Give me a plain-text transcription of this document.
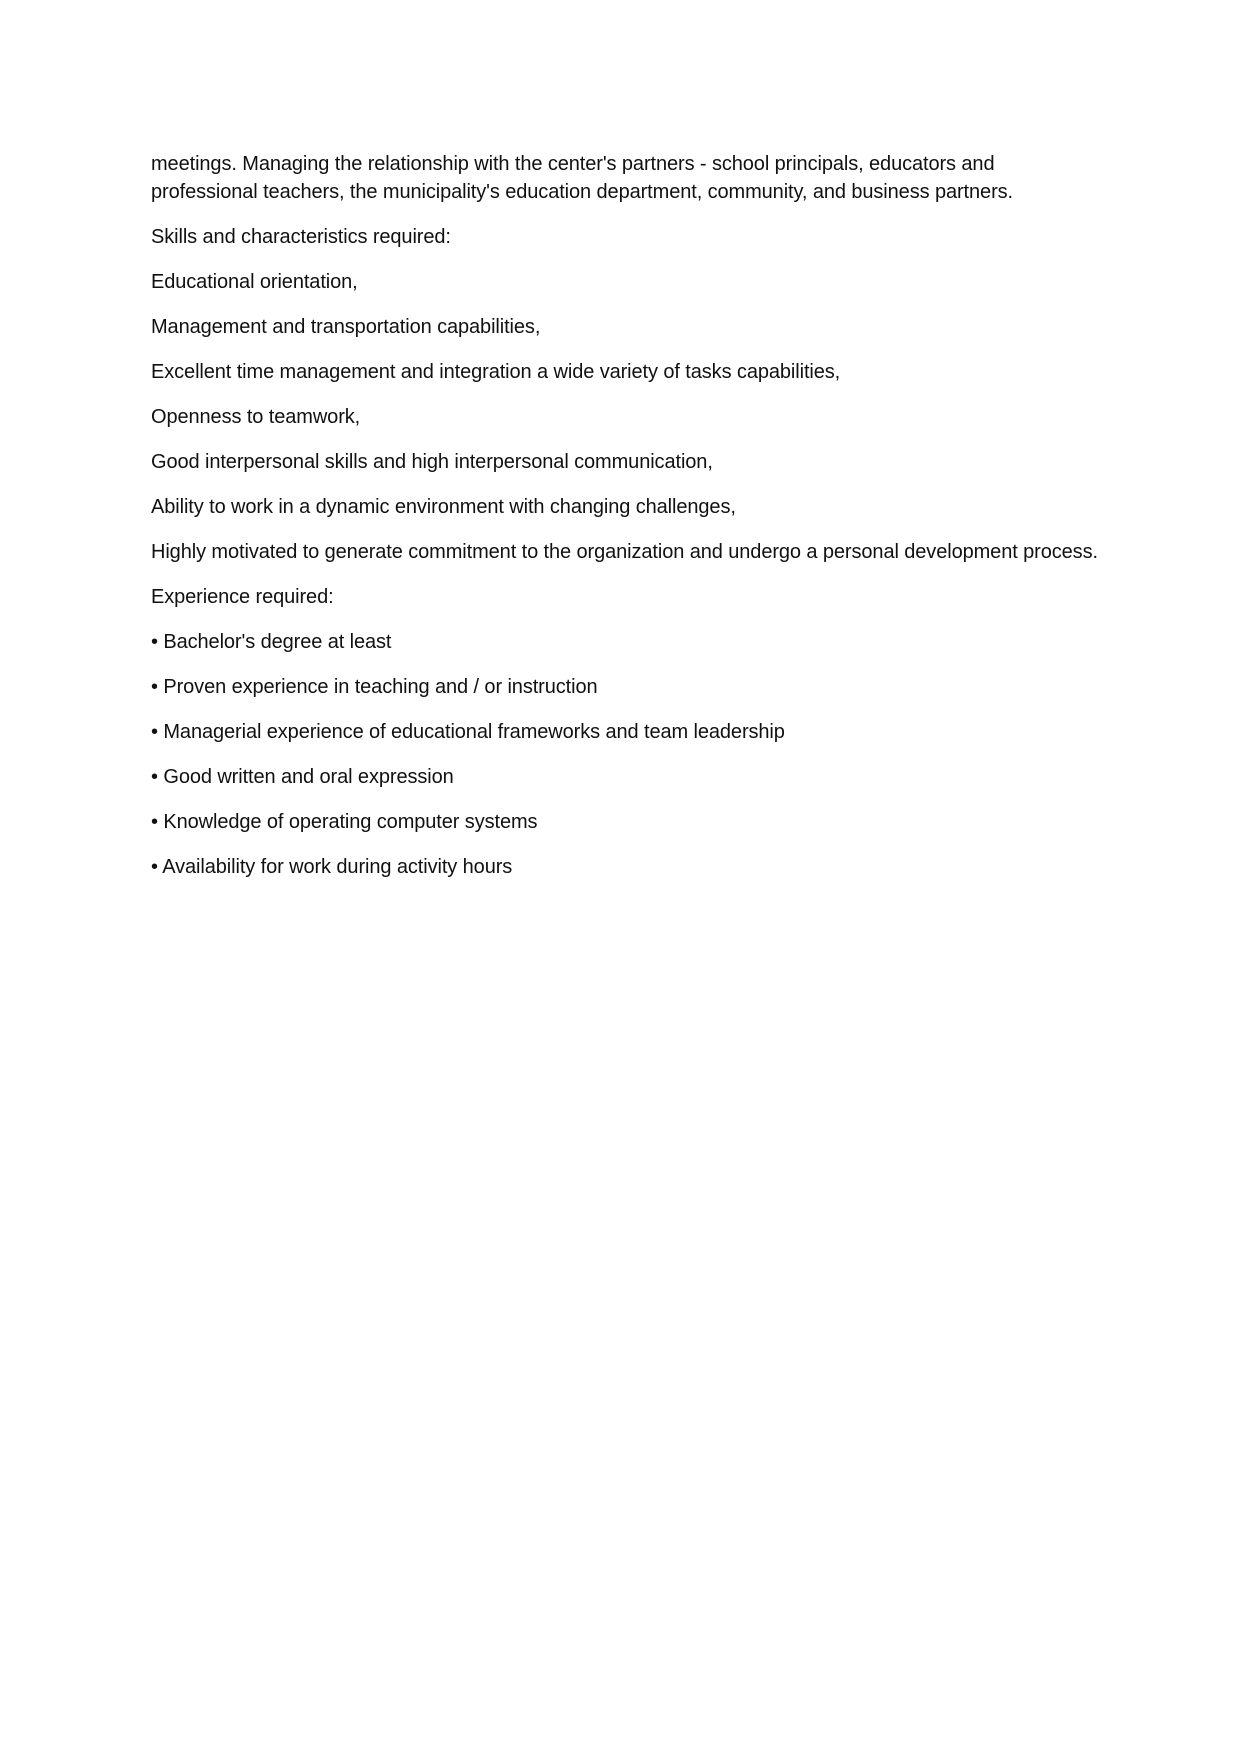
meetings. Managing the relationship with the center's partners - school principals, educators and professional teachers, the municipality's education department, community, and business partners.

Skills and characteristics required:

Educational orientation,

Management and transportation capabilities,

Excellent time management and integration a wide variety of tasks capabilities,

Openness to teamwork,

Good interpersonal skills and high interpersonal communication,

Ability to work in a dynamic environment with changing challenges,

Highly motivated to generate commitment to the organization and undergo a personal development process.

Experience required:

• Bachelor's degree at least
• Proven experience in teaching and / or instruction
• Managerial experience of educational frameworks and team leadership
• Good written and oral expression
• Knowledge of operating computer systems
• Availability for work during activity hours
